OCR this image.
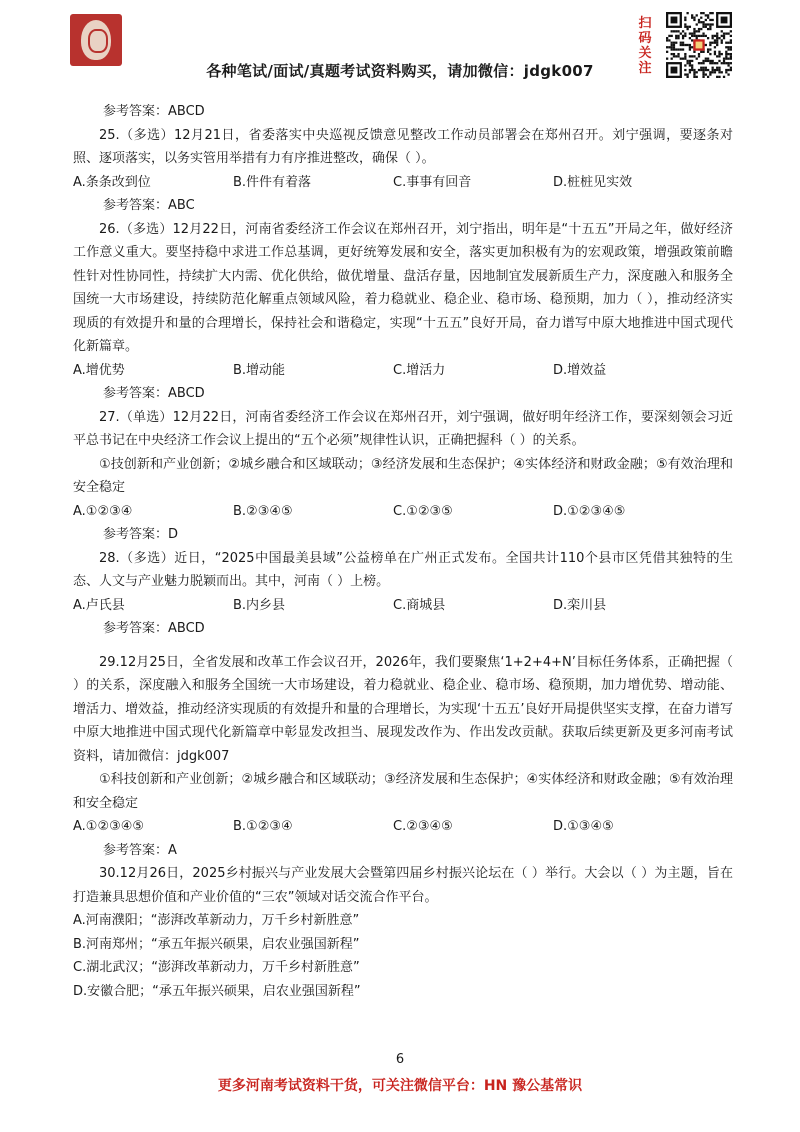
扫码关注
各种笔试/面试/真题考试资料购买，请加微信：jdgk007

参考答案：ABCD

25.（多选）12月21日，省委落实中央巡视反馈意见整改工作动员部署会在郑州召开。刘宁强调，要逐条对照、逐项落实，以务实管用举措有力有序推进整改，确保（ ）。

A.条条改到位	B.件件有着落	C.事事有回音	D.桩桩见实效

参考答案：ABC

26.（多选）12月22日，河南省委经济工作会议在郑州召开，刘宁指出，明年是“十五五”开局之年，做好经济工作意义重大。要坚持稳中求进工作总基调，更好统筹发展和安全，落实更加积极有为的宏观政策，增强政策前瞻性针对性协同性，持续扩大内需、优化供给，做优增量、盘活存量，因地制宜发展新质生产力，深度融入和服务全国统一大市场建设，持续防范化解重点领域风险，着力稳就业、稳企业、稳市场、稳预期，加力（ ），推动经济实现质的有效提升和量的合理增长，保持社会和谐稳定，实现“十五五”良好开局，奋力谱写中原大地推进中国式现代化新篇章。

A.增优势	B.增动能	C.增活力	D.增效益

参考答案：ABCD

27.（单选）12月22日，河南省委经济工作会议在郑州召开，刘宁强调，做好明年经济工作，要深刻领会习近平总书记在中央经济工作会议上提出的“五个必须”规律性认识，正确把握科（ ）的关系。

①技创新和产业创新；②城乡融合和区域联动；③经济发展和生态保护；④实体经济和财政金融；⑤有效治理和安全稳定

A.①②③④	B.②③④⑤	C.①②③⑤	D.①②③④⑤

参考答案：D

28.（多选）近日，“2025中国最美县域”公益榜单在广州正式发布。全国共计110个县市区凭借其独特的生态、人文与产业魅力脱颖而出。其中，河南（ ）上榜。

A.卢氏县	B.内乡县	C.商城县	D.栾川县

参考答案：ABCD

29.12月25日，全省发展和改革工作会议召开，2026年，我们要聚焦‘1+2+4+N’目标任务体系，正确把握（ ）的关系，深度融入和服务全国统一大市场建设，着力稳就业、稳企业、稳市场、稳预期，加力增优势、增动能、增活力、增效益，推动经济实现质的有效提升和量的合理增长，为实现‘十五五’良好开局提供坚实支撑，在奋力谱写中原大地推进中国式现代化新篇章中彰显发改担当、展现发改作为、作出发改贡献。获取后续更新及更多河南考试资料，请加微信：jdgk007

①科技创新和产业创新；②城乡融合和区域联动；③经济发展和生态保护；④实体经济和财政金融；⑤有效治理和安全稳定

A.①②③④⑤	B.①②③④	C.②③④⑤	D.①③④⑤

参考答案：A

30.12月26日，2025乡村振兴与产业发展大会暨第四届乡村振兴论坛在（ ）举行。大会以（ ）为主题，旨在打造兼具思想价值和产业价值的“三农”领域对话交流合作平台。

A.河南濮阳；“澎湃改革新动力，万千乡村新胜意”

B.河南郑州；“承五年振兴硕果，启农业强国新程”

C.湖北武汉；“澎湃改革新动力，万千乡村新胜意”

D.安徽合肥；“承五年振兴硕果，启农业强国新程”

6
更多河南考试资料干货，可关注微信平台：HN 豫公基常识
